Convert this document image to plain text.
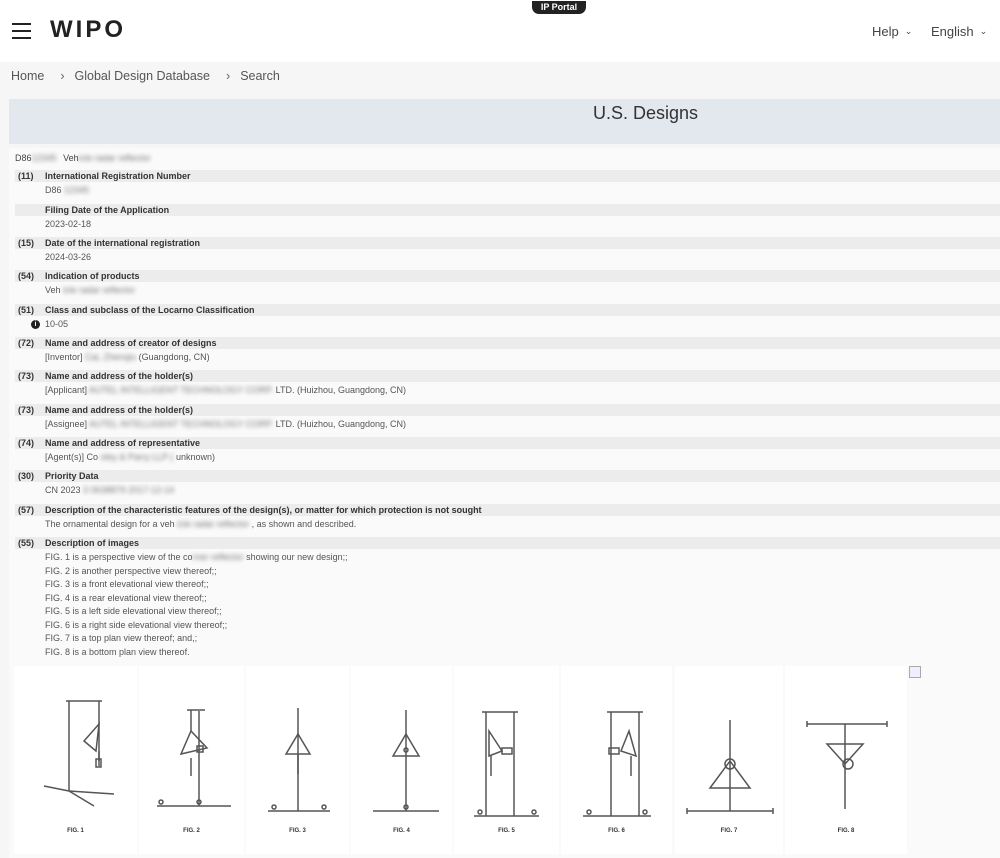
IP Portal
WIPO	Help ⌄ English ⌄
Home › Global Design Database › Search
U.S. Designs
D8612345 Vehicle radar reflector
(11) International Registration Number
D86 12345
Filing Date of the Application
2023-02-18
(15) Date of the international registration
2024-03-26
(54) Indication of products
Veh icle radar reflector
(51) Class and subclass of the Locarno Classification
i 10-05
(72) Name and address of creator of designs
[Inventor] Cai, Zhenqiu (Guangdong, CN)
(73) Name and address of the holder(s)
[Applicant] AUTEL INTELLIGENT TECHNOLOGY CORP. LTD. (Huizhou, Guangdong, CN)
(73) Name and address of the holder(s)
[Assignee] AUTEL INTELLIGENT TECHNOLOGY CORP. LTD. (Huizhou, Guangdong, CN)
(74) Name and address of representative
[Agent(s)] Co oley & Parry LLP ( unknown)
(30) Priority Data
CN 2023 3 0638879 2017-12-14
(57) Description of the characteristic features of the design(s), or matter for which protection is not sought
The ornamental design for a veh icle radar reflector , as shown and described.
(55) Description of images
FIG. 1 is a perspective view of the corner reflector showing our new design;;
FIG. 2 is another perspective view thereof;;
FIG. 3 is a front elevational view thereof;;
FIG. 4 is a rear elevational view thereof;;
FIG. 5 is a left side elevational view thereof;;
FIG. 6 is a right side elevational view thereof;;
FIG. 7 is a top plan view thereof; and,;
FIG. 8 is a bottom plan view thereof.
FIG. 1	FIG. 2	FIG. 3	FIG. 4	FIG. 5	FIG. 6	FIG. 7	FIG. 8
